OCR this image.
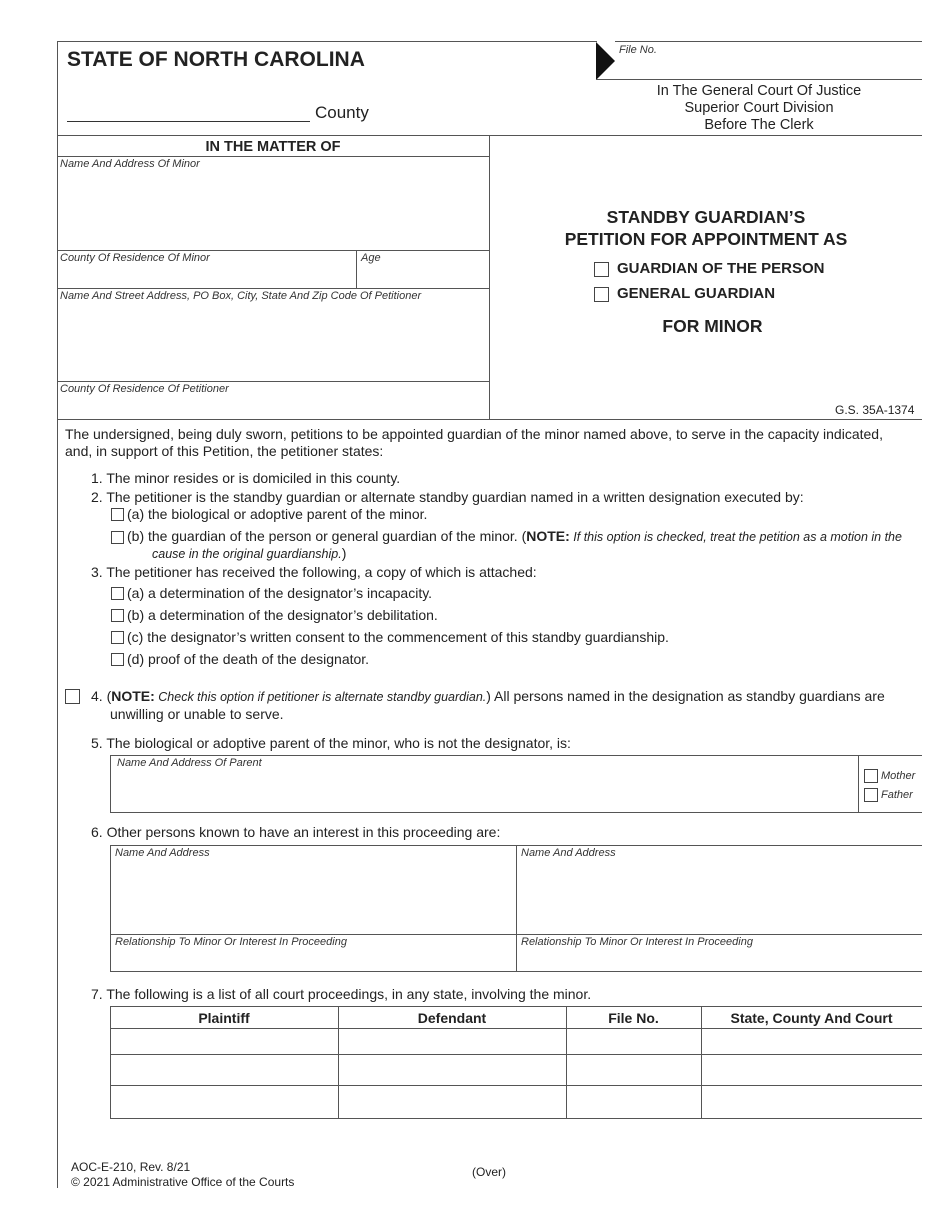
STATE OF NORTH CAROLINA
County
File No.
In The General Court Of Justice
Superior Court Division
Before The Clerk
IN THE MATTER OF
Name And Address Of Minor
County Of Residence Of Minor	Age
Name And Street Address, PO Box, City, State And Zip Code Of Petitioner
County Of Residence Of Petitioner
STANDBY GUARDIAN’S
PETITION FOR APPOINTMENT AS
GUARDIAN OF THE PERSON
GENERAL GUARDIAN
FOR MINOR
G.S. 35A-1374
The undersigned, being duly sworn, petitions to be appointed guardian of the minor named above, to serve in the capacity indicated,
and, in support of this Petition, the petitioner states:
1. The minor resides or is domiciled in this county.
2. The petitioner is the standby guardian or alternate standby guardian named in a written designation executed by:
(a) the biological or adoptive parent of the minor.
(b) the guardian of the person or general guardian of the minor. (NOTE: If this option is checked, treat the petition as a motion in the
cause in the original guardianship.)
3. The petitioner has received the following, a copy of which is attached:
(a) a determination of the designator’s incapacity.
(b) a determination of the designator’s debilitation.
(c) the designator’s written consent to the commencement of this standby guardianship.
(d) proof of the death of the designator.
4. (NOTE: Check this option if petitioner is alternate standby guardian.) All persons named in the designation as standby guardians are
unwilling or unable to serve.
5. The biological or adoptive parent of the minor, who is not the designator, is:
Name And Address Of Parent
Mother
Father
6. Other persons known to have an interest in this proceeding are:
Name And Address	Name And Address
Relationship To Minor Or Interest In Proceeding	Relationship To Minor Or Interest In Proceeding
7. The following is a list of all court proceedings, in any state, involving the minor.
Plaintiff	Defendant	File No.	State, County And Court
AOC-E-210, Rev. 8/21
© 2021 Administrative Office of the Courts
(Over)
